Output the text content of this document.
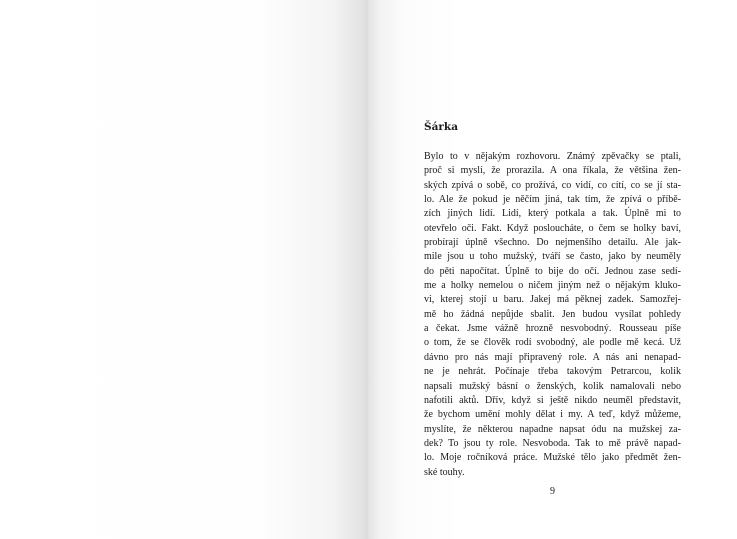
Šárka

Bylo to v nějakým rozhovoru. Známý zpěvačky se ptali,
proč si myslí, že prorazila. A ona říkala, že většina žen-
ských zpívá o sobě, co prožívá, co vidí, co cítí, co se jí sta-
lo. Ale že pokud je něčím jiná, tak tím, že zpívá o příbě-
zích jiných lidí. Lidí, který potkala a tak. Úplně mi to
otevřelo oči. Fakt. Když posloucháte, o čem se holky baví,
probírají úplně všechno. Do nejmenšího detailu. Ale jak-
mile jsou u toho mužský, tváří se často, jako by neuměly
do pěti napočítat. Úplně to bije do očí. Jednou zase sedí-
me a holky nemelou o ničem jiným než o nějakým kluko-
vi, kterej stojí u baru. Jakej má pěknej zadek. Samozřej-
mě ho žádná nepůjde sbalit. Jen budou vysílat pohledy
a čekat. Jsme vážně hrozně nesvobodný. Rousseau píše
o tom, že se člověk rodí svobodný, ale podle mě kecá. Už
dávno pro nás mají připravený role. A nás ani nenapad-
ne je nehrát. Počínaje třeba takovým Petrarcou, kolik
napsali mužský básní o ženských, kolik namalovali nebo
nafotili aktů. Dřív, když si ještě nikdo neuměl představit,
že bychom umění mohly dělat i my. A teď, když můžeme,
myslíte, že některou napadne napsat ódu na mužskej za-
dek? To jsou ty role. Nesvoboda. Tak to mě právě napad-
lo. Moje ročníková práce. Mužské tělo jako předmět žen-
ské touhy.

9
